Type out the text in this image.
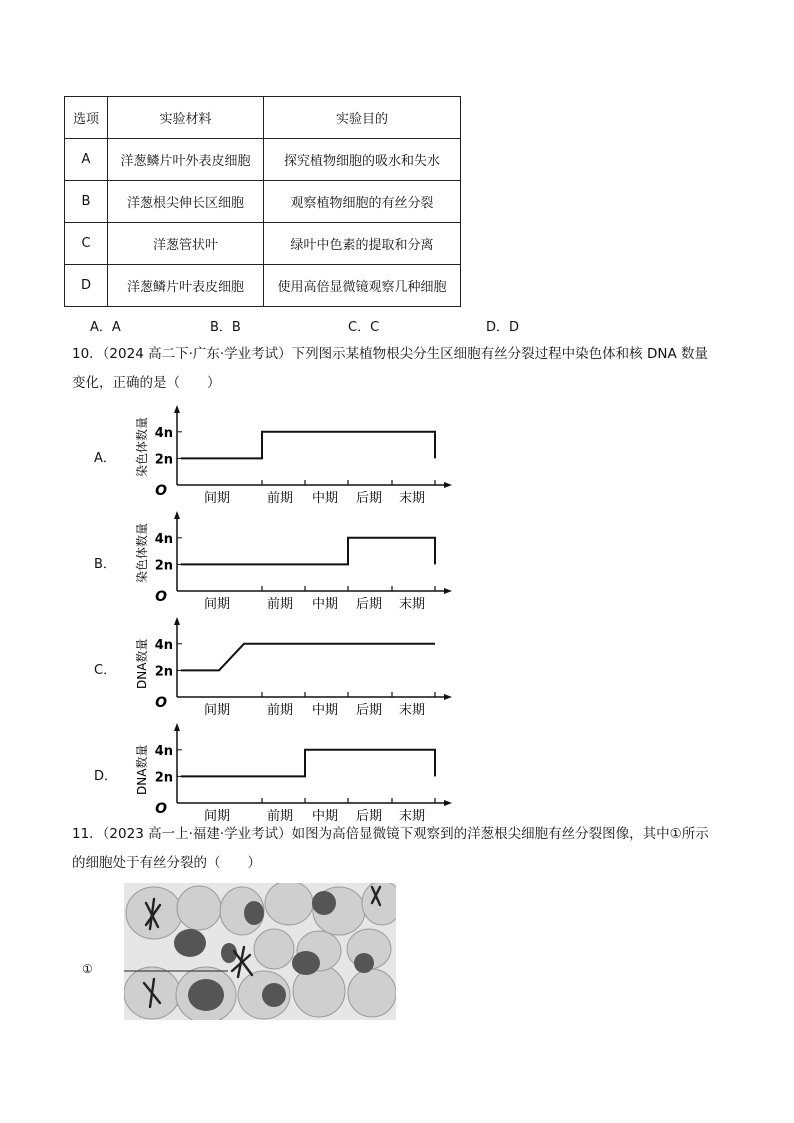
选项	实验材料	实验目的
A	洋葱鳞片叶外表皮细胞	探究植物细胞的吸水和失水
B	洋葱根尖伸长区细胞	观察植物细胞的有丝分裂
C	洋葱管状叶	绿叶中色素的提取和分离
D	洋葱鳞片叶表皮细胞	使用高倍显微镜观察几种细胞
A．A	B．B	C．C	D．D
10．（2024 高二下·广东·学业考试）下列图示某植物根尖分生区细胞有丝分裂过程中染色体和核 DNA 数量
变化，正确的是（　　）
A．
4n
2n
O	间期	前期 中期 后期 末期
染色体数量
B．
4n
2n
O	间期	前期 中期 后期 末期
染色体数量
C．
4n
2n
O	间期	前期 中期 后期 末期
DNA数量
D．
4n
2n
O	间期	前期 中期 后期 末期
DNA数量
11．（2023 高一上·福建·学业考试）如图为高倍显微镜下观察到的洋葱根尖细胞有丝分裂图像，其中①所示
的细胞处于有丝分裂的（　　）
①
